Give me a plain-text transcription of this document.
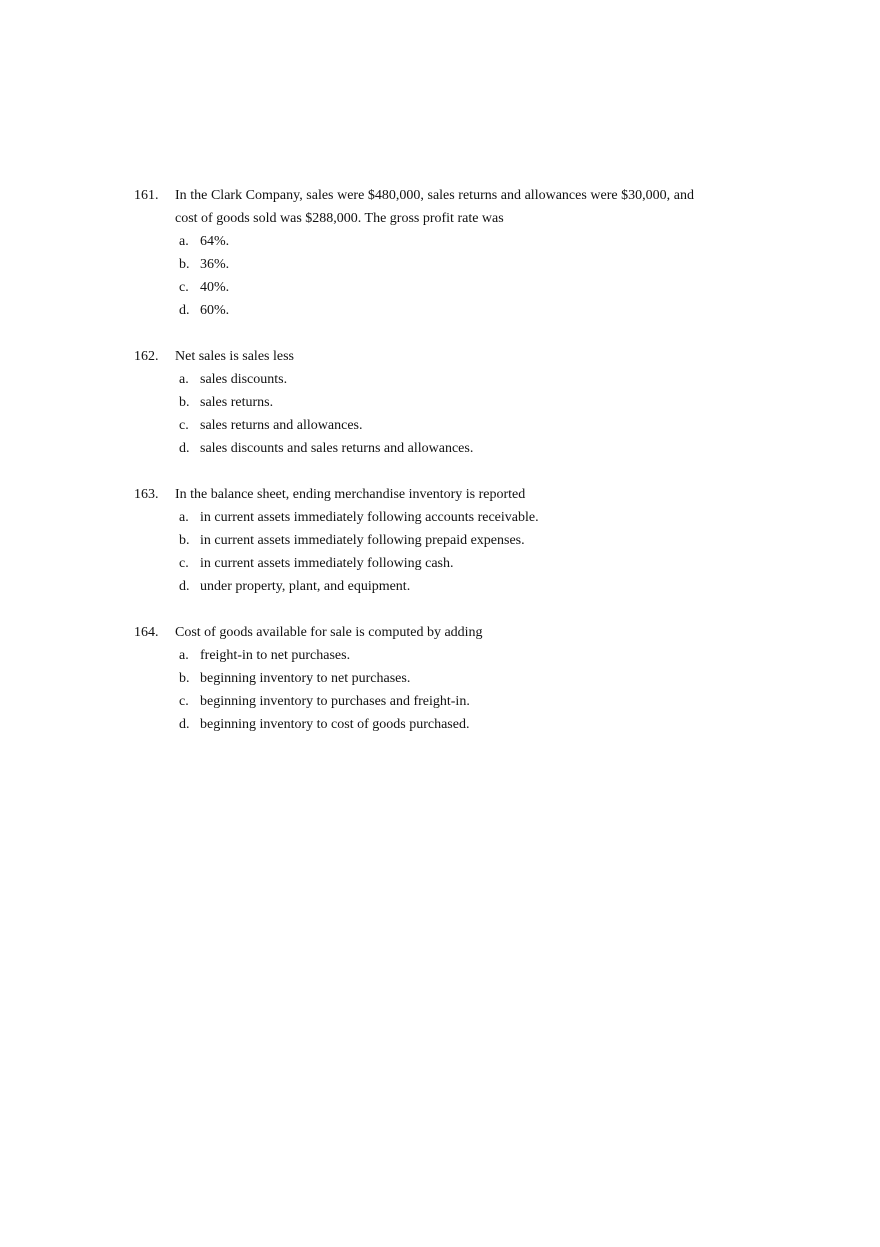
161.	In the Clark Company, sales were $480,000, sales returns and allowances were $30,000, and cost of goods sold was $288,000. The gross profit rate was
a. 64%.
b. 36%.
c. 40%.
d. 60%.
162.	Net sales is sales less
a. sales discounts.
b. sales returns.
c. sales returns and allowances.
d. sales discounts and sales returns and allowances.
163.	In the balance sheet, ending merchandise inventory is reported
a. in current assets immediately following accounts receivable.
b. in current assets immediately following prepaid expenses.
c. in current assets immediately following cash.
d. under property, plant, and equipment.
164.	Cost of goods available for sale is computed by adding
a. freight-in to net purchases.
b. beginning inventory to net purchases.
c. beginning inventory to purchases and freight-in.
d. beginning inventory to cost of goods purchased.
